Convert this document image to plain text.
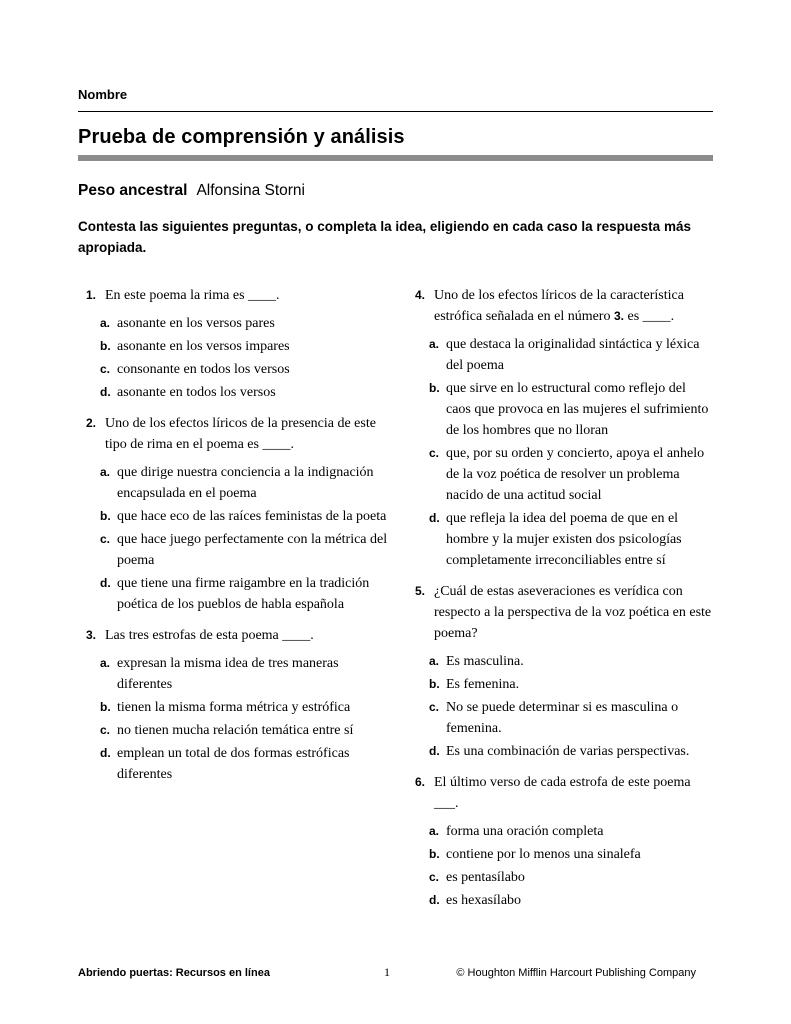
Nombre
Prueba de comprensión y análisis
Peso ancestral Alfonsina Storni

Contesta las siguientes preguntas, o completa la idea, eligiendo en cada caso la respuesta más apropiada.

1. En este poema la rima es ____.
a. asonante en los versos pares
b. asonante en los versos impares
c. consonante en todos los versos
d. asonante en todos los versos
2. Uno de los efectos líricos de la presencia de este tipo de rima en el poema es ____.
a. que dirige nuestra conciencia a la indignación encapsulada en el poema
b. que hace eco de las raíces feministas de la poeta
c. que hace juego perfectamente con la métrica del poema
d. que tiene una firme raigambre en la tradición poética de los pueblos de habla española
3. Las tres estrofas de esta poema ____.
a. expresan la misma idea de tres maneras diferentes
b. tienen la misma forma métrica y estrófica
c. no tienen mucha relación temática entre sí
d. emplean un total de dos formas estróficas diferentes
4. Uno de los efectos líricos de la característica estrófica señalada en el número 3. es ____.
a. que destaca la originalidad sintáctica y léxica del poema
b. que sirve en lo estructural como reflejo del caos que provoca en las mujeres el sufrimiento de los hombres que no lloran
c. que, por su orden y concierto, apoya el anhelo de la voz poética de resolver un problema nacido de una actitud social
d. que refleja la idea del poema de que en el hombre y la mujer existen dos psicologías completamente irreconciliables entre sí
5. ¿Cuál de estas aseveraciones es verídica con respecto a la perspectiva de la voz poética en este poema?
a. Es masculina.
b. Es femenina.
c. No se puede determinar si es masculina o femenina.
d. Es una combinación de varias perspectivas.
6. El último verso de cada estrofa de este poema ___.
a. forma una oración completa
b. contiene por lo menos una sinalefa
c. es pentasílabo
d. es hexasílabo
Abriendo puertas: Recursos en línea	1	© Houghton Mifflin Harcourt Publishing Company
